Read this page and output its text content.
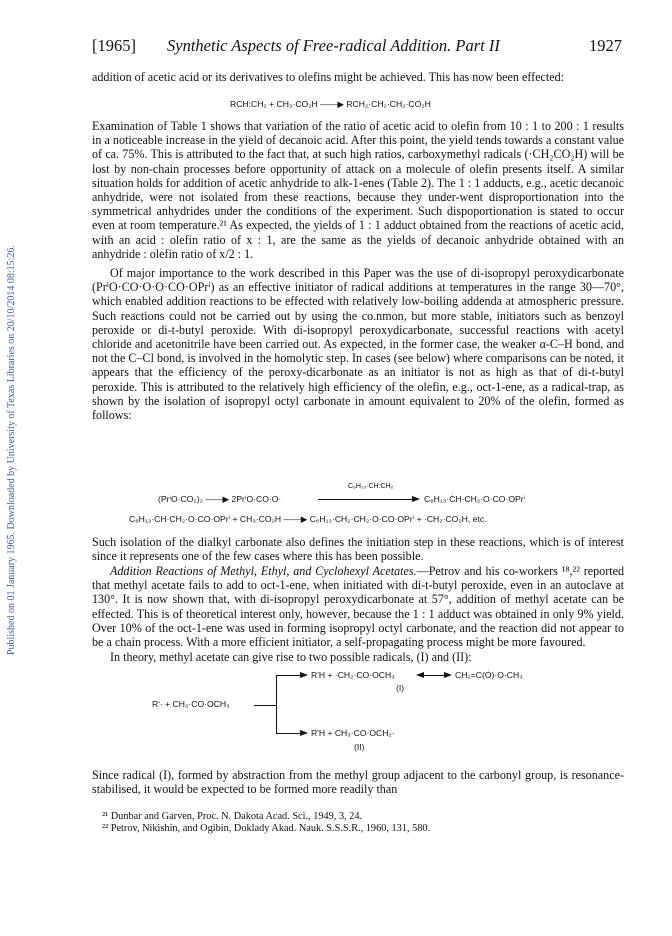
Published on 01 January 1965. Downloaded by University of Texas Libraries on 20/10/2014 08:15:26.
[1965] Synthetic Aspects of Free-radical Addition. Part II	1927

addition of acetic acid or its derivatives to olefins might be achieved. This has now been effected:

RCH:CH₂ + CH₃·CO₂H ——▶ RCH₂·CH₂·CH₂·CO₂H

Examination of Table 1 shows that variation of the ratio of acetic acid to olefin from 10 : 1 to 200 : 1 results in a noticeable increase in the yield of decanoic acid. After this point, the yield tends towards a constant value of ca. 75%. This is attributed to the fact that, at such high ratios, carboxymethyl radicals (·CH₂CO₂H) will be lost by non-chain processes before opportunity of attack on a molecule of olefin presents itself. A similar situation holds for addition of acetic anhydride to alk-1-enes (Table 2). The 1 : 1 adducts, e.g., acetic decanoic anhydride, were not isolated from these reactions, because they under-went disproportionation into the symmetrical anhydrides under the conditions of the experiment. Such dispoportionation is stated to occur even at room temperature.²¹ As expected, the yields of 1 : 1 adduct obtained from the reactions of acetic acid, with an acid : olefin ratio of x : 1, are the same as the yields of decanoic anhydride obtained with an anhydride : olefin ratio of x/2 : 1.

Of major importance to the work described in this Paper was the use of di-isopropyl peroxydicarbonate (PrⁱO·CO·O·O·CO·OPrⁱ) as an effective initiator of radical additions at temperatures in the range 30—70°, which enabled addition reactions to be effected with relatively low-boiling addenda at atmospheric pressure. Such reactions could not be carried out by using the co.nmon, but more stable, initiators such as benzoyl peroxide or di-t-butyl peroxide. With di-isopropyl peroxydicarbonate, successful reactions with acetyl chloride and acetonitrile have been carried out. As expected, in the former case, the weaker α-C–H bond, and not the C–Cl bond, is involved in the homolytic step. In cases (see below) where comparisons can be noted, it appears that the efficiency of the peroxy-dicarbonate as an initiator is not as high as that of di-t-butyl peroxide. This is attributed to the relatively high efficiency of the olefin, e.g., oct-1-ene, as a radical-trap, as shown by the isolation of isopropyl octyl carbonate in amount equivalent to 20% of the olefin, formed as follows:

C₆H₁₃·CH:CH₂
(PrⁱO·CO₂)₂ ——▶ 2PrⁱO·CO·O·	C₆H₁₃·ĊH·CH₂·O·CO·OPrⁱ
C₆H₁₃·ĊH·CH₂·O·CO·OPrⁱ + CH₃·CO₂H ——▶ C₆H₁₃·CH₂·CH₂·O·CO·OPrⁱ + ·CH₂·CO₂H, etc.

Such isolation of the dialkyl carbonate also defines the initiation step in these reactions, which is of interest since it represents one of the few cases where this has been possible.

Addition Reactions of Methyl, Ethyl, and Cyclohexyl Acetates.—Petrov and his co-workers ¹⁸,²² reported that methyl acetate fails to add to oct-1-ene, when initiated with di-t-butyl peroxide, even in an autoclave at 130°. It is now shown that, with di-isopropyl peroxydicarbonate at 57°, addition of methyl acetate can be effected. This is of theoretical interest only, however, because the 1 : 1 adduct was obtained in only 9% yield. Over 10% of the oct-1-ene was used in forming isopropyl octyl carbonate, and the reaction did not appear to be a chain process. With a more efficient initiator, a self-propagating process might be more favoured.

In theory, methyl acetate can give rise to two possible radicals, (I) and (II):

R'· + CH₃·CO·OCH₃
R'H + ·CH₂·CO·OCH₃	CH₂=C(Ȯ)·O·CH₃
(I)
R'H + CH₃·CO·OCH₂·
(II)

Since radical (I), formed by abstraction from the methyl group adjacent to the carbonyl group, is resonance-stabilised, it would be expected to be formed more readily than

²¹ Dunbar and Garven, Proc. N. Dakota Acad. Sci., 1949, 3, 24.
²² Petrov, Nikishin, and Ogibin, Doklady Akad. Nauk. S.S.S.R., 1960, 131, 580.
